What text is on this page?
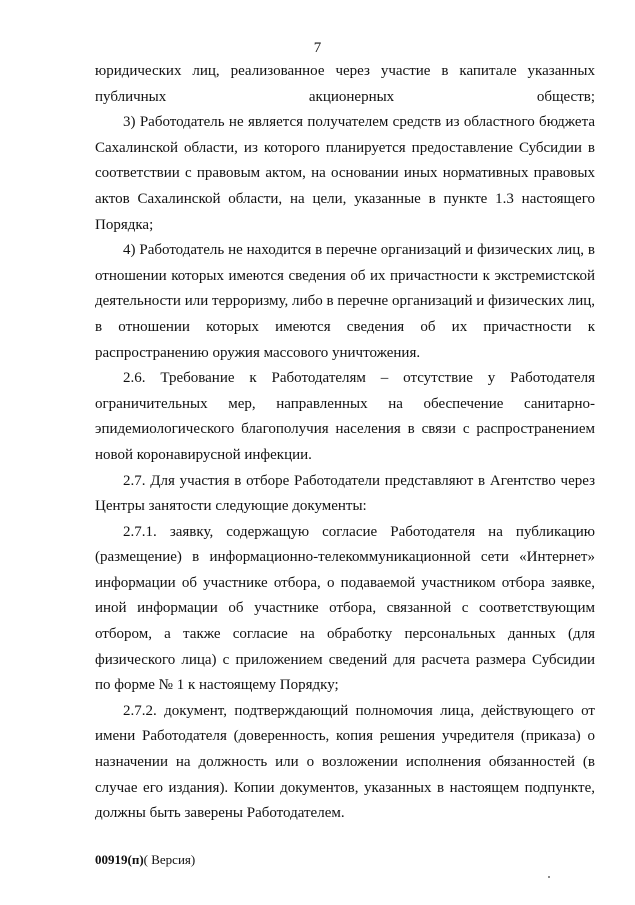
7

юридических лиц, реализованное через участие в капитале указанных публичных акционерных обществ;

3) Работодатель не является получателем средств из областного бюджета Сахалинской области, из которого планируется предоставление Субсидии в соответствии с правовым актом, на основании иных нормативных правовых актов Сахалинской области, на цели, указанные в пункте 1.3 настоящего Порядка;

4) Работодатель не находится в перечне организаций и физических лиц, в отношении которых имеются сведения об их причастности к экстремистской деятельности или терроризму, либо в перечне организаций и физических лиц, в отношении которых имеются сведения об их причастности к распространению оружия массового уничтожения.

2.6. Требование к Работодателям – отсутствие у Работодателя ограничительных мер, направленных на обеспечение санитарно-эпидемиологического благополучия населения в связи с распространением новой коронавирусной инфекции.

2.7. Для участия в отборе Работодатели представляют в Агентство через Центры занятости следующие документы:

2.7.1. заявку, содержащую согласие Работодателя на публикацию (размещение) в информационно-телекоммуникационной сети «Интернет» информации об участнике отбора, о подаваемой участником отбора заявке, иной информации об участнике отбора, связанной с соответствующим отбором, а также согласие на обработку персональных данных (для физического лица) с приложением сведений для расчета размера Субсидии по форме № 1 к настоящему Порядку;

2.7.2. документ, подтверждающий полномочия лица, действующего от имени Работодателя (доверенность, копия решения учредителя (приказа) о назначении на должность или о возложении исполнения обязанностей (в случае его издания). Копии документов, указанных в настоящем подпункте, должны быть заверены Работодателем.

00919(п)( Версия)
